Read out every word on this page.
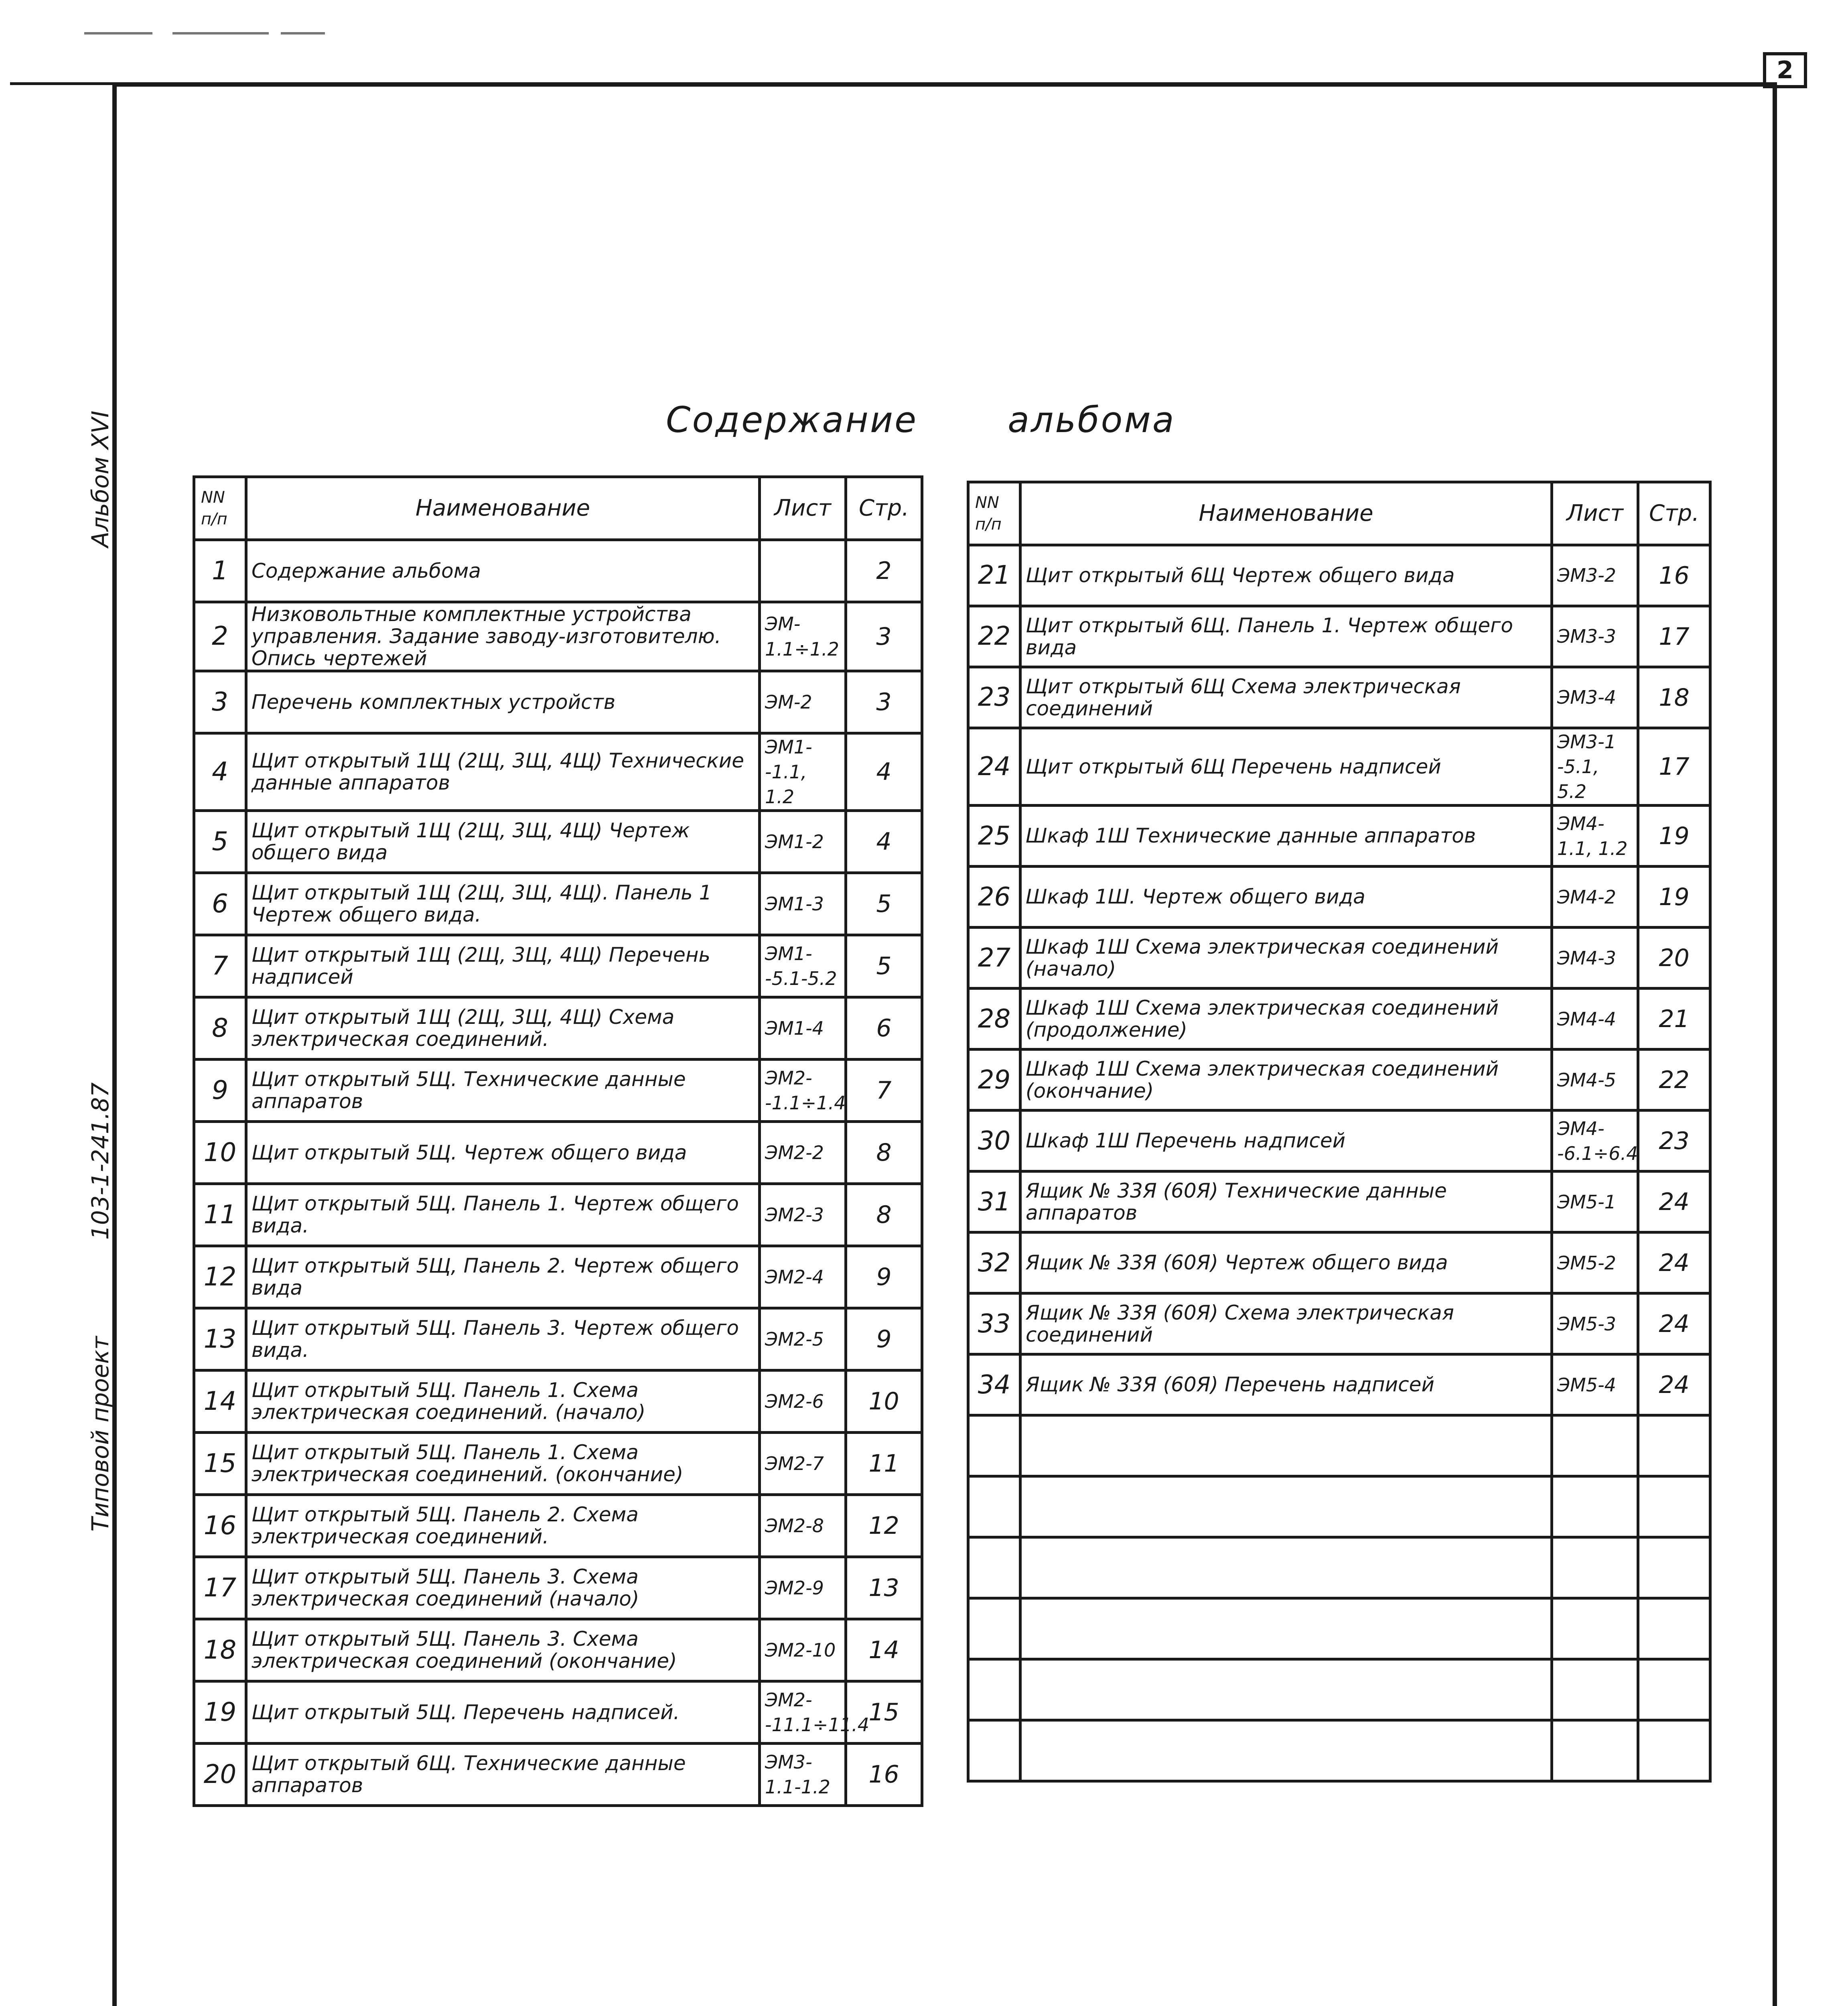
2
Альбом XVI
103-1-241.87
Типовой проект
Содержание	альбома
NN п/п	Наименование	Лист	Стр.
1	Содержание альбома		2
2	Низковольтные комплектные устройства управления. Задание заводу-изготовителю. Опись чертежей	ЭМ- 1.1÷1.2	3
3	Перечень комплектных устройств	ЭМ-2	3
4	Щит открытый 1Щ (2Щ, 3Щ, 4Щ) Технические данные аппаратов	ЭМ1- -1.1, 1.2	4
5	Щит открытый 1Щ (2Щ, 3Щ, 4Щ) Чертеж общего вида	ЭМ1-2	4
6	Щит открытый 1Щ (2Щ, 3Щ, 4Щ). Панель 1 Чертеж общего вида.	ЭМ1-3	5
7	Щит открытый 1Щ (2Щ, 3Щ, 4Щ) Перечень надписей	ЭМ1- -5.1-5.2	5
8	Щит открытый 1Щ (2Щ, 3Щ, 4Щ) Схема электрическая соединений.	ЭМ1-4	6
9	Щит открытый 5Щ. Технические данные аппаратов	ЭМ2- -1.1÷1.4	7
10	Щит открытый 5Щ. Чертеж общего вида	ЭМ2-2	8
11	Щит открытый 5Щ. Панель 1. Чертеж общего вида.	ЭМ2-3	8
12	Щит открытый 5Щ, Панель 2. Чертеж общего вида	ЭМ2-4	9
13	Щит открытый 5Щ. Панель 3. Чертеж общего вида.	ЭМ2-5	9
14	Щит открытый 5Щ. Панель 1. Схема электрическая соединений. (начало)	ЭМ2-6	10
15	Щит открытый 5Щ. Панель 1. Схема электрическая соединений. (окончание)	ЭМ2-7	11
16	Щит открытый 5Щ. Панель 2. Схема электрическая соединений.	ЭМ2-8	12
17	Щит открытый 5Щ. Панель 3. Схема электрическая соединений (начало)	ЭМ2-9	13
18	Щит открытый 5Щ. Панель 3. Схема электрическая соединений (окончание)	ЭМ2-10	14
19	Щит открытый 5Щ. Перечень надписей.	ЭМ2- -11.1÷11.4	15
20	Щит открытый 6Щ. Технические данные аппаратов	ЭМ3- 1.1-1.2	16
NN п/п	Наименование	Лист	Стр.
21	Щит открытый 6Щ Чертеж общего вида	ЭМ3-2	16
22	Щит открытый 6Щ. Панель 1. Чертеж общего вида	ЭМ3-3	17
23	Щит открытый 6Щ Схема электрическая соединений	ЭМ3-4	18
24	Щит открытый 6Щ Перечень надписей	ЭМ3-1 -5.1, 5.2	17
25	Шкаф 1Ш Технические данные аппаратов	ЭМ4- 1.1, 1.2	19
26	Шкаф 1Ш. Чертеж общего вида	ЭМ4-2	19
27	Шкаф 1Ш Схема электрическая соединений (начало)	ЭМ4-3	20
28	Шкаф 1Ш Схема электрическая соединений (продолжение)	ЭМ4-4	21
29	Шкаф 1Ш Схема электрическая соединений (окончание)	ЭМ4-5	22
30	Шкаф 1Ш Перечень надписей	ЭМ4- -6.1÷6.4	23
31	Ящик № 33Я (60Я) Технические данные аппаратов	ЭМ5-1	24
32	Ящик № 33Я (60Я) Чертеж общего вида	ЭМ5-2	24
33	Ящик № 33Я (60Я) Схема электрическая соединений	ЭМ5-3	24
34	Ящик № 33Я (60Я) Перечень надписей	ЭМ5-4	24
